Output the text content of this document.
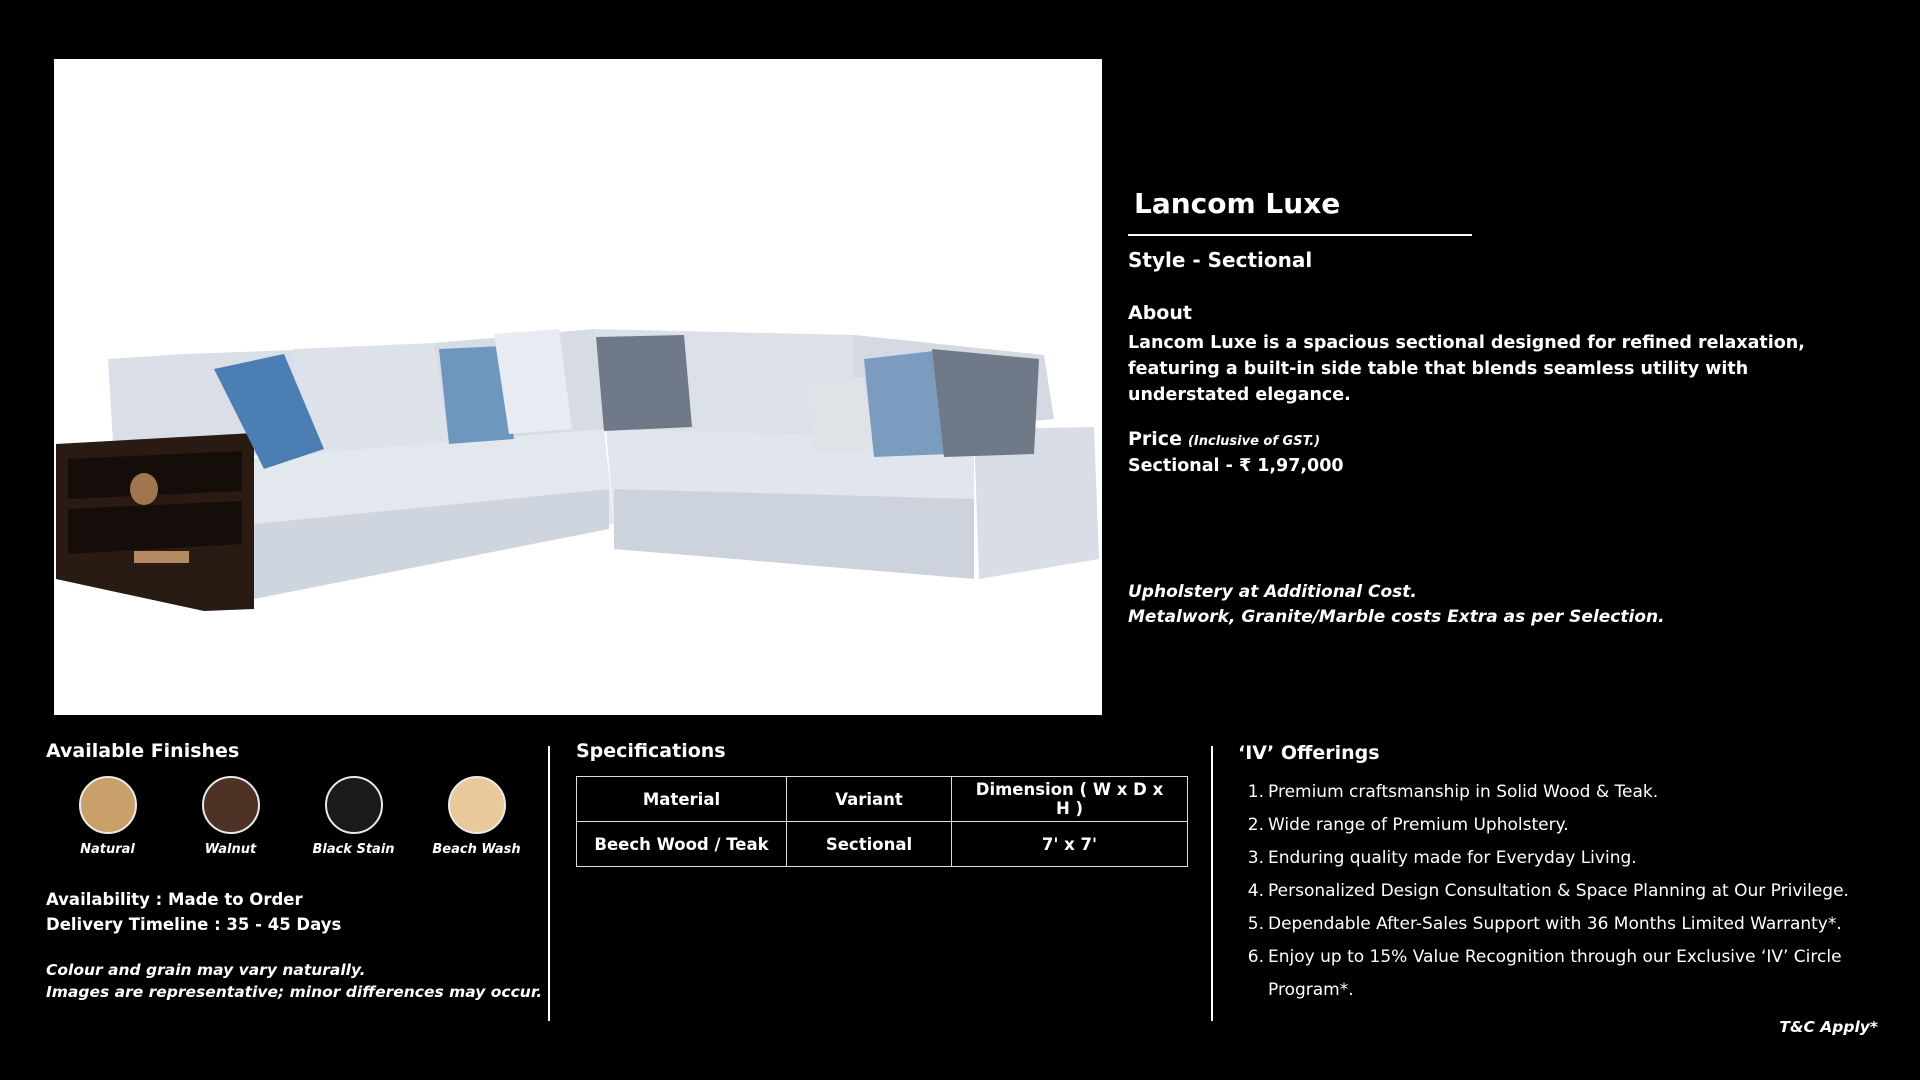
Lancom Luxe
Style - Sectional
About
Lancom Luxe is a spacious sectional designed for refined relaxation, featuring a built-in side table that blends seamless utility with understated elegance.
Price (Inclusive of GST.)
Sectional - ₹ 1,97,000
Upholstery at Additional Cost.
Metalwork, Granite/Marble costs Extra as per Selection.
Available Finishes
Natural	Walnut	Black Stain	Beach Wash
Availability : Made to Order
Delivery Timeline : 35 - 45 Days
Colour and grain may vary naturally.
Images are representative; minor differences may occur.
Specifications
Material	Variant	Dimension ( W x D x H )
Beech Wood / Teak	Sectional	7' x 7'
‘IV’ Offerings
1. Premium craftsmanship in Solid Wood & Teak.
2. Wide range of Premium Upholstery.
3. Enduring quality made for Everyday Living.
4. Personalized Design Consultation & Space Planning at Our Privilege.
5. Dependable After-Sales Support with 36 Months Limited Warranty*.
6. Enjoy up to 15% Value Recognition through our Exclusive ‘IV’ Circle Program*.
T&C Apply*
